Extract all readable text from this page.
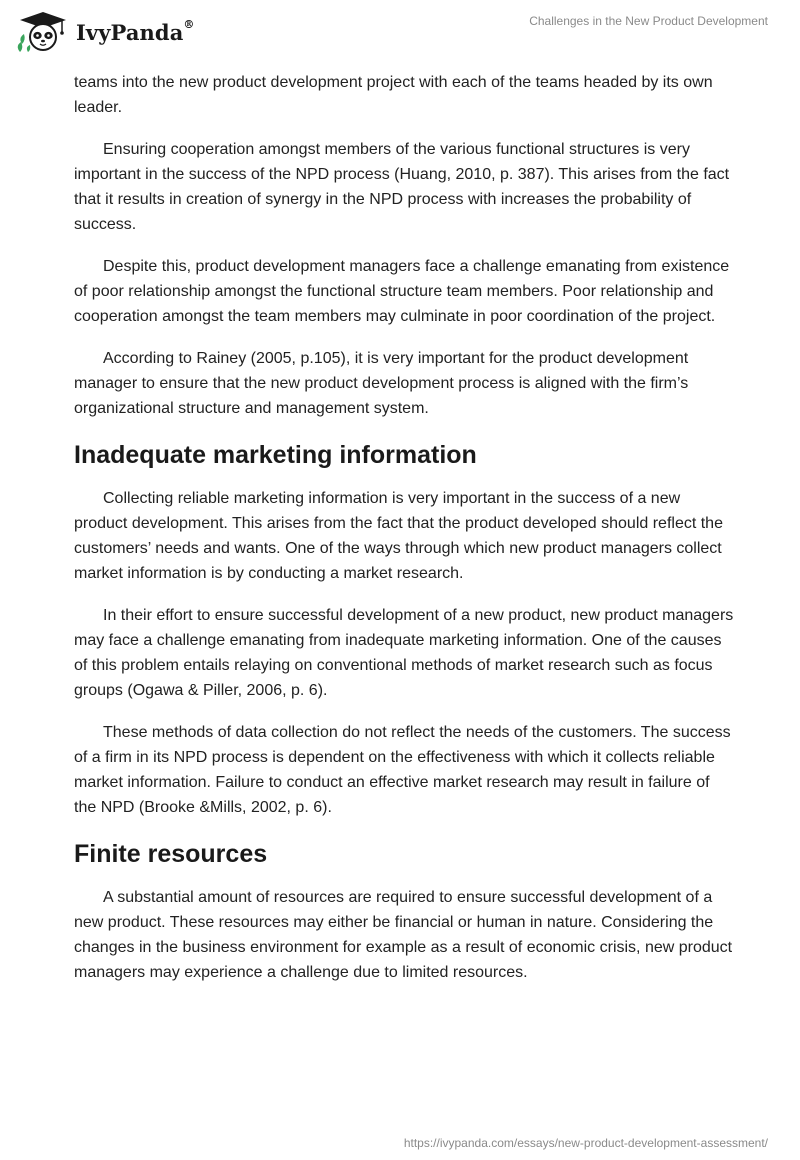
IvyPanda®	Challenges in the New Product Development

teams into the new product development project with each of the teams headed by its own leader.

Ensuring cooperation amongst members of the various functional structures is very important in the success of the NPD process (Huang, 2010, p. 387). This arises from the fact that it results in creation of synergy in the NPD process with increases the probability of success.

Despite this, product development managers face a challenge emanating from existence of poor relationship amongst the functional structure team members. Poor relationship and cooperation amongst the team members may culminate in poor coordination of the project.

According to Rainey (2005, p.105), it is very important for the product development manager to ensure that the new product development process is aligned with the firm’s organizational structure and management system.

Inadequate marketing information

Collecting reliable marketing information is very important in the success of a new product development. This arises from the fact that the product developed should reflect the customers’ needs and wants. One of the ways through which new product managers collect market information is by conducting a market research.

In their effort to ensure successful development of a new product, new product managers may face a challenge emanating from inadequate marketing information. One of the causes of this problem entails relaying on conventional methods of market research such as focus groups (Ogawa & Piller, 2006, p. 6).

These methods of data collection do not reflect the needs of the customers. The success of a firm in its NPD process is dependent on the effectiveness with which it collects reliable market information. Failure to conduct an effective market research may result in failure of the NPD (Brooke &Mills, 2002, p. 6).

Finite resources

A substantial amount of resources are required to ensure successful development of a new product. These resources may either be financial or human in nature. Considering the changes in the business environment for example as a result of economic crisis, new product managers may experience a challenge due to limited resources.

https://ivypanda.com/essays/new-product-development-assessment/
